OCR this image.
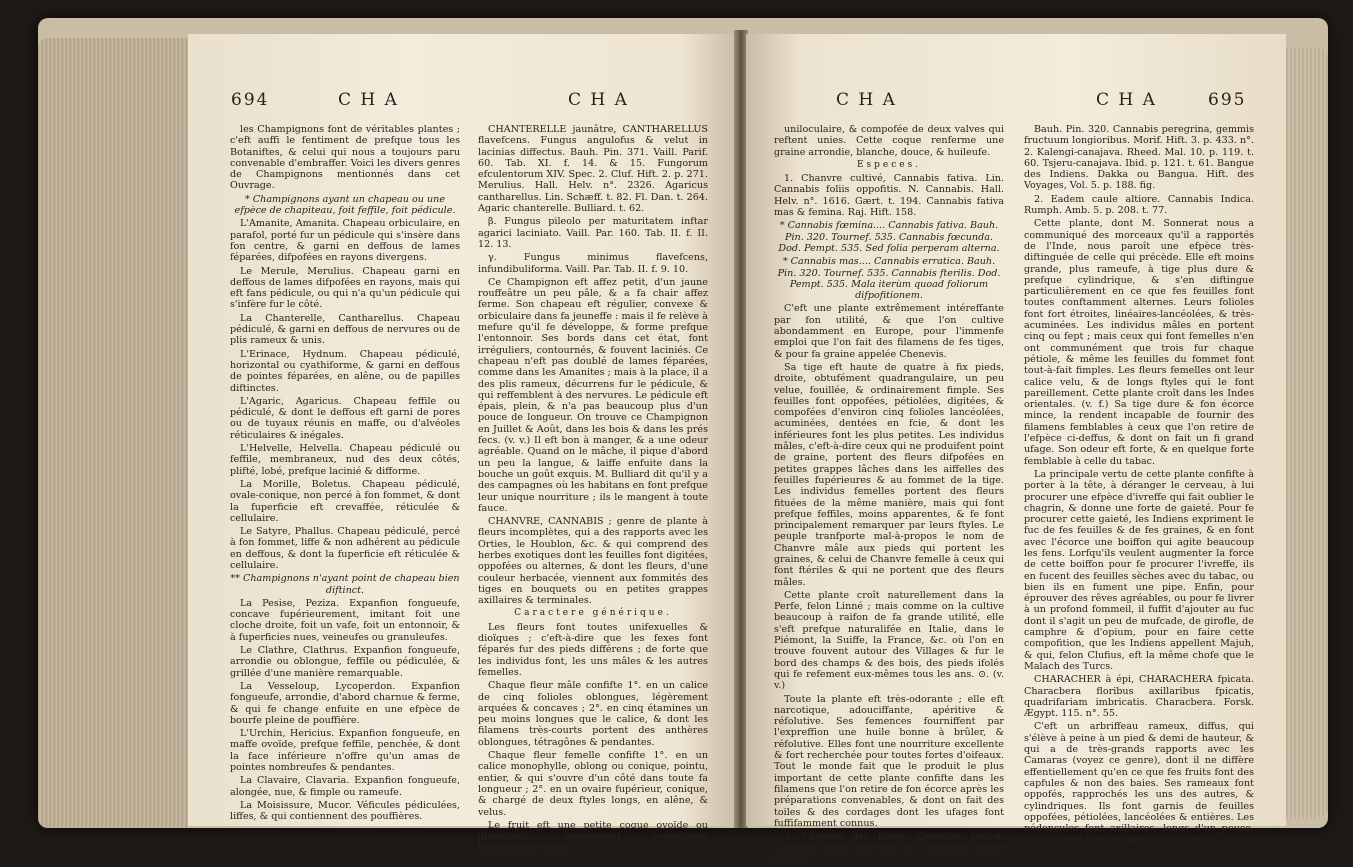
694	C H A	C H A

les Champignons font de véritables plantes ; c'eft auffi le fentiment de prefque tous les Botaniftes, & celui qui nous a toujours paru convenable d'embraffer. Voici les divers genres de Champignons mentionnés dans cet Ouvrage.

* Champignons ayant un chapeau ou une efpèce de chapiteau, foit feffile, foit pédicule.

L'Amanite, Amanita. Chapeau orbiculaire, en parafol, porté fur un pédicule qui s'insère dans fon centre, & garni en deffous de lames féparées, difpofées en rayons divergens.

Le Merule, Merulius. Chapeau garni en deffous de lames difpofées en rayons, mais qui eft fans pédicule, ou qui n'a qu'un pédicule qui s'infère fur le côté.

La Chanterelle, Cantharellus. Chapeau pédiculé, & garni en deffous de nervures ou de plis rameux & unis.

L'Erinace, Hydnum. Chapeau pédiculé, horizontal ou cyathiforme, & garni en deffous de pointes féparées, en alêne, ou de papilles diftinctes.

L'Agaric, Agaricus. Chapeau feffile ou pédiculé, & dont le deffous eft garni de pores ou de tuyaux réunis en maffe, ou d'alvéoles réticulaires & inégales.

L'Helvelle, Helvella. Chapeau pédiculé ou feffile, membraneux, nud des deux côtés, plifté, lobé, prefque lacinié & difforme.

La Morille, Boletus. Chapeau pédiculé, ovale-conique, non percé à fon fommet, & dont la fuperficie eft crevaffée, réticulée & cellulaire.

Le Satyre, Phallus. Chapeau pédiculé, percé à fon fommet, liffe & non adhérent au pédicule en deffous, & dont la fuperficie eft réticulée & cellulaire.

** Champignons n'ayant point de chapeau bien diftinct.

La Pesise, Peziza. Expanfion fongueufe, concave fupérieurement, imitant foit une cloche droite, foit un vafe, foit un entonnoir, & à fuperficies nues, veineufes ou granuleufes.

Le Clathre, Clathrus. Expanfion fongueufe, arrondie ou oblongue, feffile ou pédiculée, & grillée d'une manière remarquable.

La Vesseloup, Lycoperdon. Expanfion fongueufe, arrondie, d'abord charnue & ferme, & qui fe change enfuite en une efpèce de bourfe pleine de pouffière.

L'Urchin, Hericius. Expanfion fongueufe, en maffe ovoïde, prefque feffile, penchée, & dont la face inférieure n'offre qu'un amas de pointes nombreufes & pendantes.

La Clavaire, Clavaria. Expanfion fongueufe, alongée, nue, & fimple ou rameufe.

La Moisissure, Mucor. Véficules pédiculées, liffes, & qui contiennent des pouffières.

CHANTERELLE jaunâtre, CANTHARELLUS flavefcens. Fungus angulofus & velut in lacinias diffectus. Bauh. Pin. 371. Vaill. Parif. 60. Tab. XI. f. 14. & 15. Fungorum efculentorum XIV. Spec. 2. Cluf. Hift. 2. p. 271. Merulius. Hall. Helv. n°. 2326. Agaricus cantharellus. Lin. Schæff. t. 82. Fl. Dan. t. 264. Agaric chanterelle. Bulliard. t. 62.

β. Fungus pileolo per maturitatem inftar agarici laciniato. Vaill. Par. 160. Tab. II. f. II. 12. 13.

γ. Fungus minimus flavefcens, infundibuliforma. Vaill. Par. Tab. II. f. 9. 10.

Ce Champignon eft affez petit, d'un jaune rouffeâtre un peu pâle, & a fa chair affez ferme. Son chapeau eft régulier, convexe & orbiculaire dans fa jeuneffe : mais il fe relève à mefure qu'il fe développe, & forme prefque l'entonnoir. Ses bords dans cet état, font irréguliers, contournés, & fouvent laciniés. Ce chapeau n'eft pas doublé de lames féparées, comme dans les Amanites ; mais à la place, il a des plis rameux, décurrens fur le pédicule, & qui reffemblent à des nervures. Le pédicule eft épais, plein, & n'a pas beaucoup plus d'un pouce de longueur. On trouve ce Champignon en Juillet & Août, dans les bois & dans les prés fecs. (v. v.) Il eft bon à manger, & a une odeur agréable. Quand on le mâche, il pique d'abord un peu la langue, & laiffe enfuite dans la bouche un goût exquis. M. Bulliard dit qu'il y a des campagnes où les habitans en font prefque leur unique nourriture ; ils le mangent à toute fauce.

CHANVRE, CANNABIS ; genre de plante à fleurs incomplètes, qui a des rapports avec les Orties, le Houblon, &c. & qui comprend des herbes exotiques dont les feuilles font digitées, oppofées ou alternes, & dont les fleurs, d'une couleur herbacée, viennent aux fommités des tiges en bouquets ou en petites grappes axillaires & terminales.

Caractere générique.

Les fleurs font toutes unifexuelles & dioïques ; c'eft-à-dire que les fexes font féparés fur des pieds différens ; de forte que les individus font, les uns mâles & les autres femelles.

Chaque fleur mâle confifte 1°. en un calice de cinq folioles oblongues, légèrement arquées & concaves ; 2°. en cinq étamines un peu moins longues que le calice, & dont les filamens très-courts portent des anthères oblongues, tétragônes & pendantes.

Chaque fleur femelle confifte 1°. en un calice monophylle, oblong ou conique, pointu, entier, & qui s'ouvre d'un côté dans toute fa longueur ; 2°. en un ovaire fupérieur, conique, & chargé de deux ftyles longs, en alêne, & velus.

Le fruit eft une petite coque ovoïde ou globuleufe, légèrement comprimée latéralement, liffe,

C H A	C H A	695

uniloculaire, & compofée de deux valves qui reftent unies. Cette coque renferme une graine arrondie, blanche, douce, & huileufe.

Especes.

1. Chanvre cultivé, Cannabis fativa. Lin. Cannabis foliis oppofitis. N. Cannabis. Hall. Helv. n°. 1616. Gært. t. 194. Cannabis fativa mas & femina. Raj. Hift. 158.

* Cannabis fœmina.... Cannabis fativa. Bauh. Pin. 320. Tournef. 535. Cannabis fœcunda. Dod. Pempt. 535. Sed folia perperam alterna.

* Cannabis mas.... Cannabis erratica. Bauh. Pin. 320. Tournef. 535. Cannabis fterilis. Dod. Pempt. 535. Mala iterùm quoad foliorum difpofitionem.

C'eft une plante extrêmement intéreffante par fon utilité, & que l'on cultive abondamment en Europe, pour l'immenfe emploi que l'on fait des filamens de fes tiges, & pour fa graine appelée Chenevis.

Sa tige eft haute de quatre à fix pieds, droite, obtufément quadrangulaire, un peu velue, fouillée, & ordinairement fimple. Ses feuilles font oppofées, pétiolées, digitées, & compofées d'environ cinq folioles lancéolées, acuminées, dentées en fcie, & dont les inférieures font les plus petites. Les individus mâles, c'eft-à-dire ceux qui ne produifent point de graine, portent des fleurs difpofées en petites grappes lâches dans les aiffelles des feuilles fupérieures & au fommet de la tige. Les individus femelles portent des fleurs fituées de la même manière, mais qui font prefque feffiles, moins apparentes, & fe font principalement remarquer par leurs ftyles. Le peuple tranfporte mal-à-propos le nom de Chanvre mâle aux pieds qui portent les graines, & celui de Chanvre femelle à ceux qui font ftériles & qui ne portent que des fleurs mâles.

Cette plante croît naturellement dans la Perfe, felon Linné ; mais comme on la cultive beaucoup à raifon de fa grande utilité, elle s'eft prefque naturalifée en Italie, dans le Piémont, la Suiffe, la France, &c. où l'on en trouve fouvent autour des Villages & fur le bord des champs & des bois, des pieds ifolés qui fe refement eux-mêmes tous les ans. ⊙. (v. v.)

Toute la plante eft très-odorante ; elle eft narcotique, adouciffante, apéritive & réfolutive. Ses femences fourniffent par l'expreffion une huile bonne à brûler, & réfolutive. Elles font une nourriture excellente & fort recherchée pour toutes fortes d'oifeaux. Tout le monde fait que le produit le plus important de cette plante confifte dans les filamens que l'on retire de fon écorce après les préparations convenables, & dont on fait des toiles & des cordages dont les ufages font fuffifamment connus.

2. Chanvre des Indes, Cannabis Indica. Cannabis foliis alternis. N. Cannabis fimilis exotica.

Bauh. Pin. 320. Cannabis peregrina, gemmis fructuum longioribus. Morif. Hift. 3. p. 433. n°. 2. Kalengi-canajava. Rheed. Mal. 10. p. 119. t. 60. Tsjeru-canajava. Ibid. p. 121. t. 61. Bangue des Indiens. Dakka ou Bangua. Hift. des Voyages, Vol. 5. p. 188. fig.

2. Eadem caule altiore. Cannabis Indica. Rumph. Amb. 5. p. 208. t. 77.

Cette plante, dont M. Sonnerat nous a communiqué des morceaux qu'il a rapportés de l'Inde, nous paroît une efpèce très-diftinguée de celle qui précède. Elle eft moins grande, plus rameufe, à tige plus dure & prefque cylindrique, & s'en diftingue particulièrement en ce que fes feuilles font toutes conftamment alternes. Leurs folioles font fort étroites, linéaires-lancéolées, & très-acuminées. Les individus mâles en portent cinq ou fept ; mais ceux qui font femelles n'en ont communément que trois fur chaque pétiole, & même les feuilles du fommet font tout-à-fait fimples. Les fleurs femelles ont leur calice velu, & de longs ftyles qui le font pareillement. Cette plante croît dans les Indes orientales. (v. f.) Sa tige dure & fon écorce mince, la rendent incapable de fournir des filamens femblables à ceux que l'on retire de l'efpèce ci-deffus, & dont on fait un fi grand ufage. Son odeur eft forte, & en quelque forte femblable à celle du tabac.

La principale vertu de cette plante confifte à porter à la tête, à déranger le cerveau, à lui procurer une efpèce d'ivreffe qui fait oublier le chagrin, & donne une forte de gaieté. Pour fe procurer cette gaieté, les Indiens expriment le fuc de fes feuilles & de fes graines, & en font avec l'écorce une boiffon qui agite beaucoup les fens. Lorfqu'ils veulent augmenter la force de cette boiffon pour fe procurer l'ivreffe, ils en fucent des feuilles sèches avec du tabac, ou bien ils en fument une pipe. Enfin, pour éprouver des rêves agréables, ou pour fe livrer à un profond fommeil, il fuffit d'ajouter au fuc dont il s'agit un peu de mufcade, de girofle, de camphre & d'opium, pour en faire cette compofition, que les Indiens appellent Majuh, & qui, felon Clufius, eft la même chofe que le Malach des Turcs.

CHARACHER à épi, CHARACHERA fpicata. Characbera floribus axillaribus fpicatis, quadrifariam imbricatis. Characbera. Forsk. Ægypt. 115. n°. 55.

C'eft un arbriffeau rameux, diffus, qui s'élève à peine à un pied & demi de hauteur, & qui a de très-grands rapports avec les Camaras (voyez ce genre), dont il ne diffère effentiellement qu'en ce que fes fruits font des capfules & non des baies. Ses rameaux font oppofés, rapprochés les uns des autres, & cylindriques. Ils font garnis de feuilles oppofées, pétiolées, lancéolées & entières. Les pédoncules font axillaires, longs d'un pouce, épaiffis vers leur fommet, & chargés
